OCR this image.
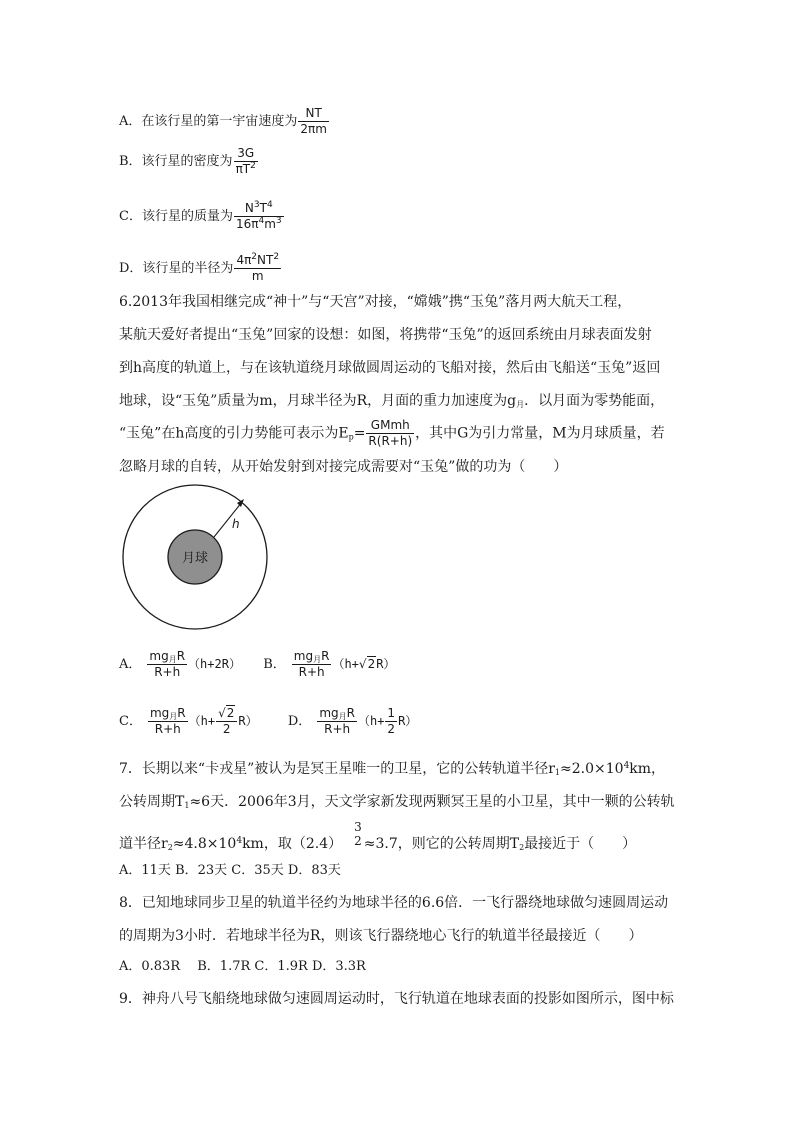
A．在该行星的第一宇宙速度为 $\frac{NT}{2\pi m}$
B．该行星的密度为 $\frac{3G}{\pi T^2}$
C．该行星的质量为 $\frac{N^3T^4}{16\pi^4m^3}$
D．该行星的半径为 $\frac{4\pi^2NT^2}{m}$
6.2013年我国相继完成“神十”与“天宫”对接，“嫦娥”携“玉兔”落月两大航天工程，
某航天爱好者提出“玉兔”回家的设想：如图，将携带“玉兔”的返回系统由月球表面发射
到h高度的轨道上，与在该轨道绕月球做圆周运动的飞船对接，然后由飞船送“玉兔”返回
地球，设“玉兔”质量为m，月球半径为R，月面的重力加速度为$g_月$．以月面为零势能面，
“玉兔”在h高度的引力势能可表示为$E_p= \frac{\text{GMmh}}{R(R+h)}$ ，其中G为引力常量，M为月球质量，若
忽略月球的自转，从开始发射到对接完成需要对“玉兔”做的功为（　　）
月球
h
A． $\frac{mg_月R}{R+h} (h+2R)$ B． $\frac{mg_月R}{R+h} (h+√2R)$
C． $\frac{mg_月R}{R+h} (h+ \frac{√2}{2} R)$ D． $\frac{mg_月R}{R+h} (h+ \frac{1}{2} R)$
7．长期以来“卡戎星”被认为是冥王星唯一的卫星，它的公转轨道半径$r_1\approx 2.0\times 10^4km$，
公转周期$T_1\approx 6$天．2006年3月，天文学家新发现两颗冥王星的小卫星，其中一颗的公转轨
道半径$r_2\approx 4.8\times 10^4km$，取（2.4）
3
2 ≈3.7，则它的公转周期$T_2$最接近于（　　）
A．11天 B．23天 C．35天 D．83天
8．已知地球同步卫星的轨道半径约为地球半径的6.6倍．一飞行器绕地球做匀速圆周运动
的周期为3小时．若地球半径为R，则该飞行器绕地心飞行的轨道半径最接近（　　）
A．0.83R　 B．1.7R C．1.9R D．3.3R
9．神舟八号飞船绕地球做匀速圆周运动时，飞行轨道在地球表面的投影如图所示，图中标
